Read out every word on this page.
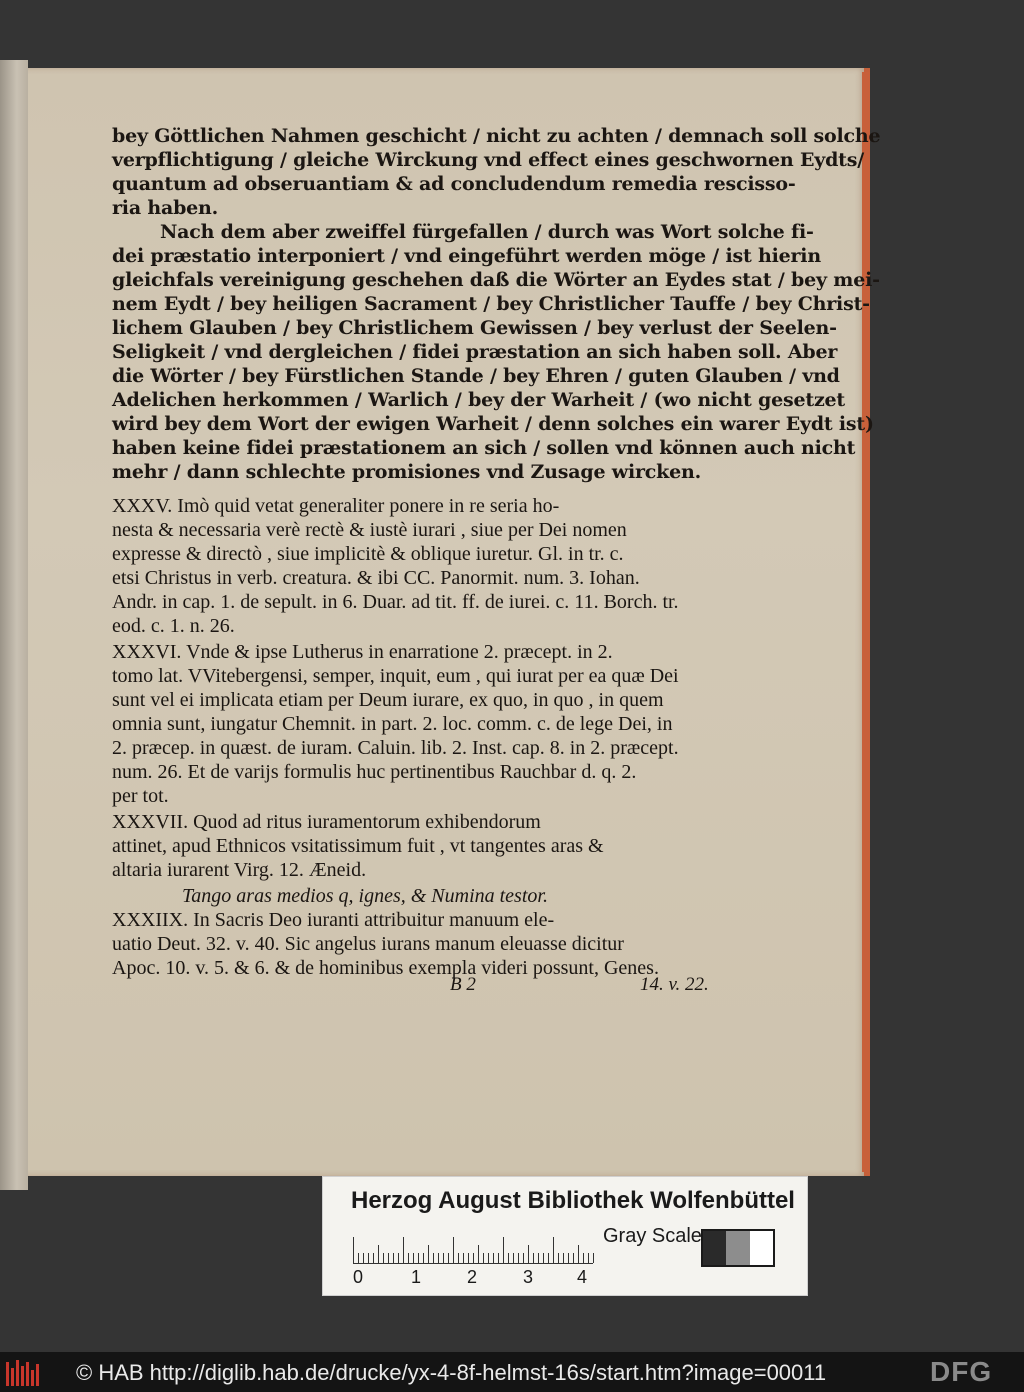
bey Göttlichen Nahmen geschicht / nicht zu achten / demnach soll solche
verpflichtigung / gleiche Wirckung vnd effect eines geschwornen Eydts/
quantum ad obseruantiam & ad concludendum remedia rescisso-
ria haben.
Nach dem aber zweiffel fürgefallen / durch was Wort solche fi-
dei præstatio interponiert / vnd eingeführt werden möge / ist hierin
gleichfals vereinigung geschehen daß die Wörter an Eydes stat / bey mei-
nem Eydt / bey heiligen Sacrament / bey Christlicher Tauffe / bey Christ-
lichem Glauben / bey Christlichem Gewissen / bey verlust der Seelen-
Seligkeit / vnd dergleichen / fidei præstation an sich haben soll. Aber
die Wörter / bey Fürstlichen Stande / bey Ehren / guten Glauben / vnd
Adelichen herkommen / Warlich / bey der Warheit / (wo nicht gesetzet
wird bey dem Wort der ewigen Warheit / denn solches ein warer Eydt ist)
haben keine fidei præstationem an sich / sollen vnd können auch nicht
mehr / dann schlechte promisiones vnd Zusage wircken.
XXXV. Imò quid vetat generaliter ponere in re seria ho-
nesta & necessaria verè rectè & iustè iurari , siue per Dei nomen
expresse & directò , siue implicitè & oblique iuretur. Gl. in tr. c.
etsi Christus in verb. creatura. & ibi CC. Panormit. num. 3. Iohan.
Andr. in cap. 1. de sepult. in 6. Duar. ad tit. ff. de iurei. c. 11. Borch. tr.
eod. c. 1. n. 26.
XXXVI. Vnde & ipse Lutherus in enarratione 2. præcept. in 2.
tomo lat. VVitebergensi, semper, inquit, eum , qui iurat per ea quæ Dei
sunt vel ei implicata etiam per Deum iurare, ex quo, in quo , in quem
omnia sunt, iungatur Chemnit. in part. 2. loc. comm. c. de lege Dei, in
2. præcep. in quæst. de iuram. Caluin. lib. 2. Inst. cap. 8. in 2. præcept.
num. 26. Et de varijs formulis huc pertinentibus Rauchbar d. q. 2.
per tot.
XXXVII. Quod ad ritus iuramentorum exhibendorum
attinet, apud Ethnicos vsitatissimum fuit , vt tangentes aras &
altaria iurarent Virg. 12. Æneid.
Tango aras medios q, ignes, & Numina testor.
XXXIIX. In Sacris Deo iuranti attribuitur manuum ele-
uatio Deut. 32. v. 40. Sic angelus iurans manum eleuasse dicitur
Apoc. 10. v. 5. & 6. & de hominibus exempla videri possunt, Genes.
B 2	14. v. 22.
Herzog August Bibliothek Wolfenbüttel
0	1	2	3 4
Gray Scale
© HAB http://diglib.hab.de/drucke/yx-4-8f-helmst-16s/start.htm?image=00011	DFG
